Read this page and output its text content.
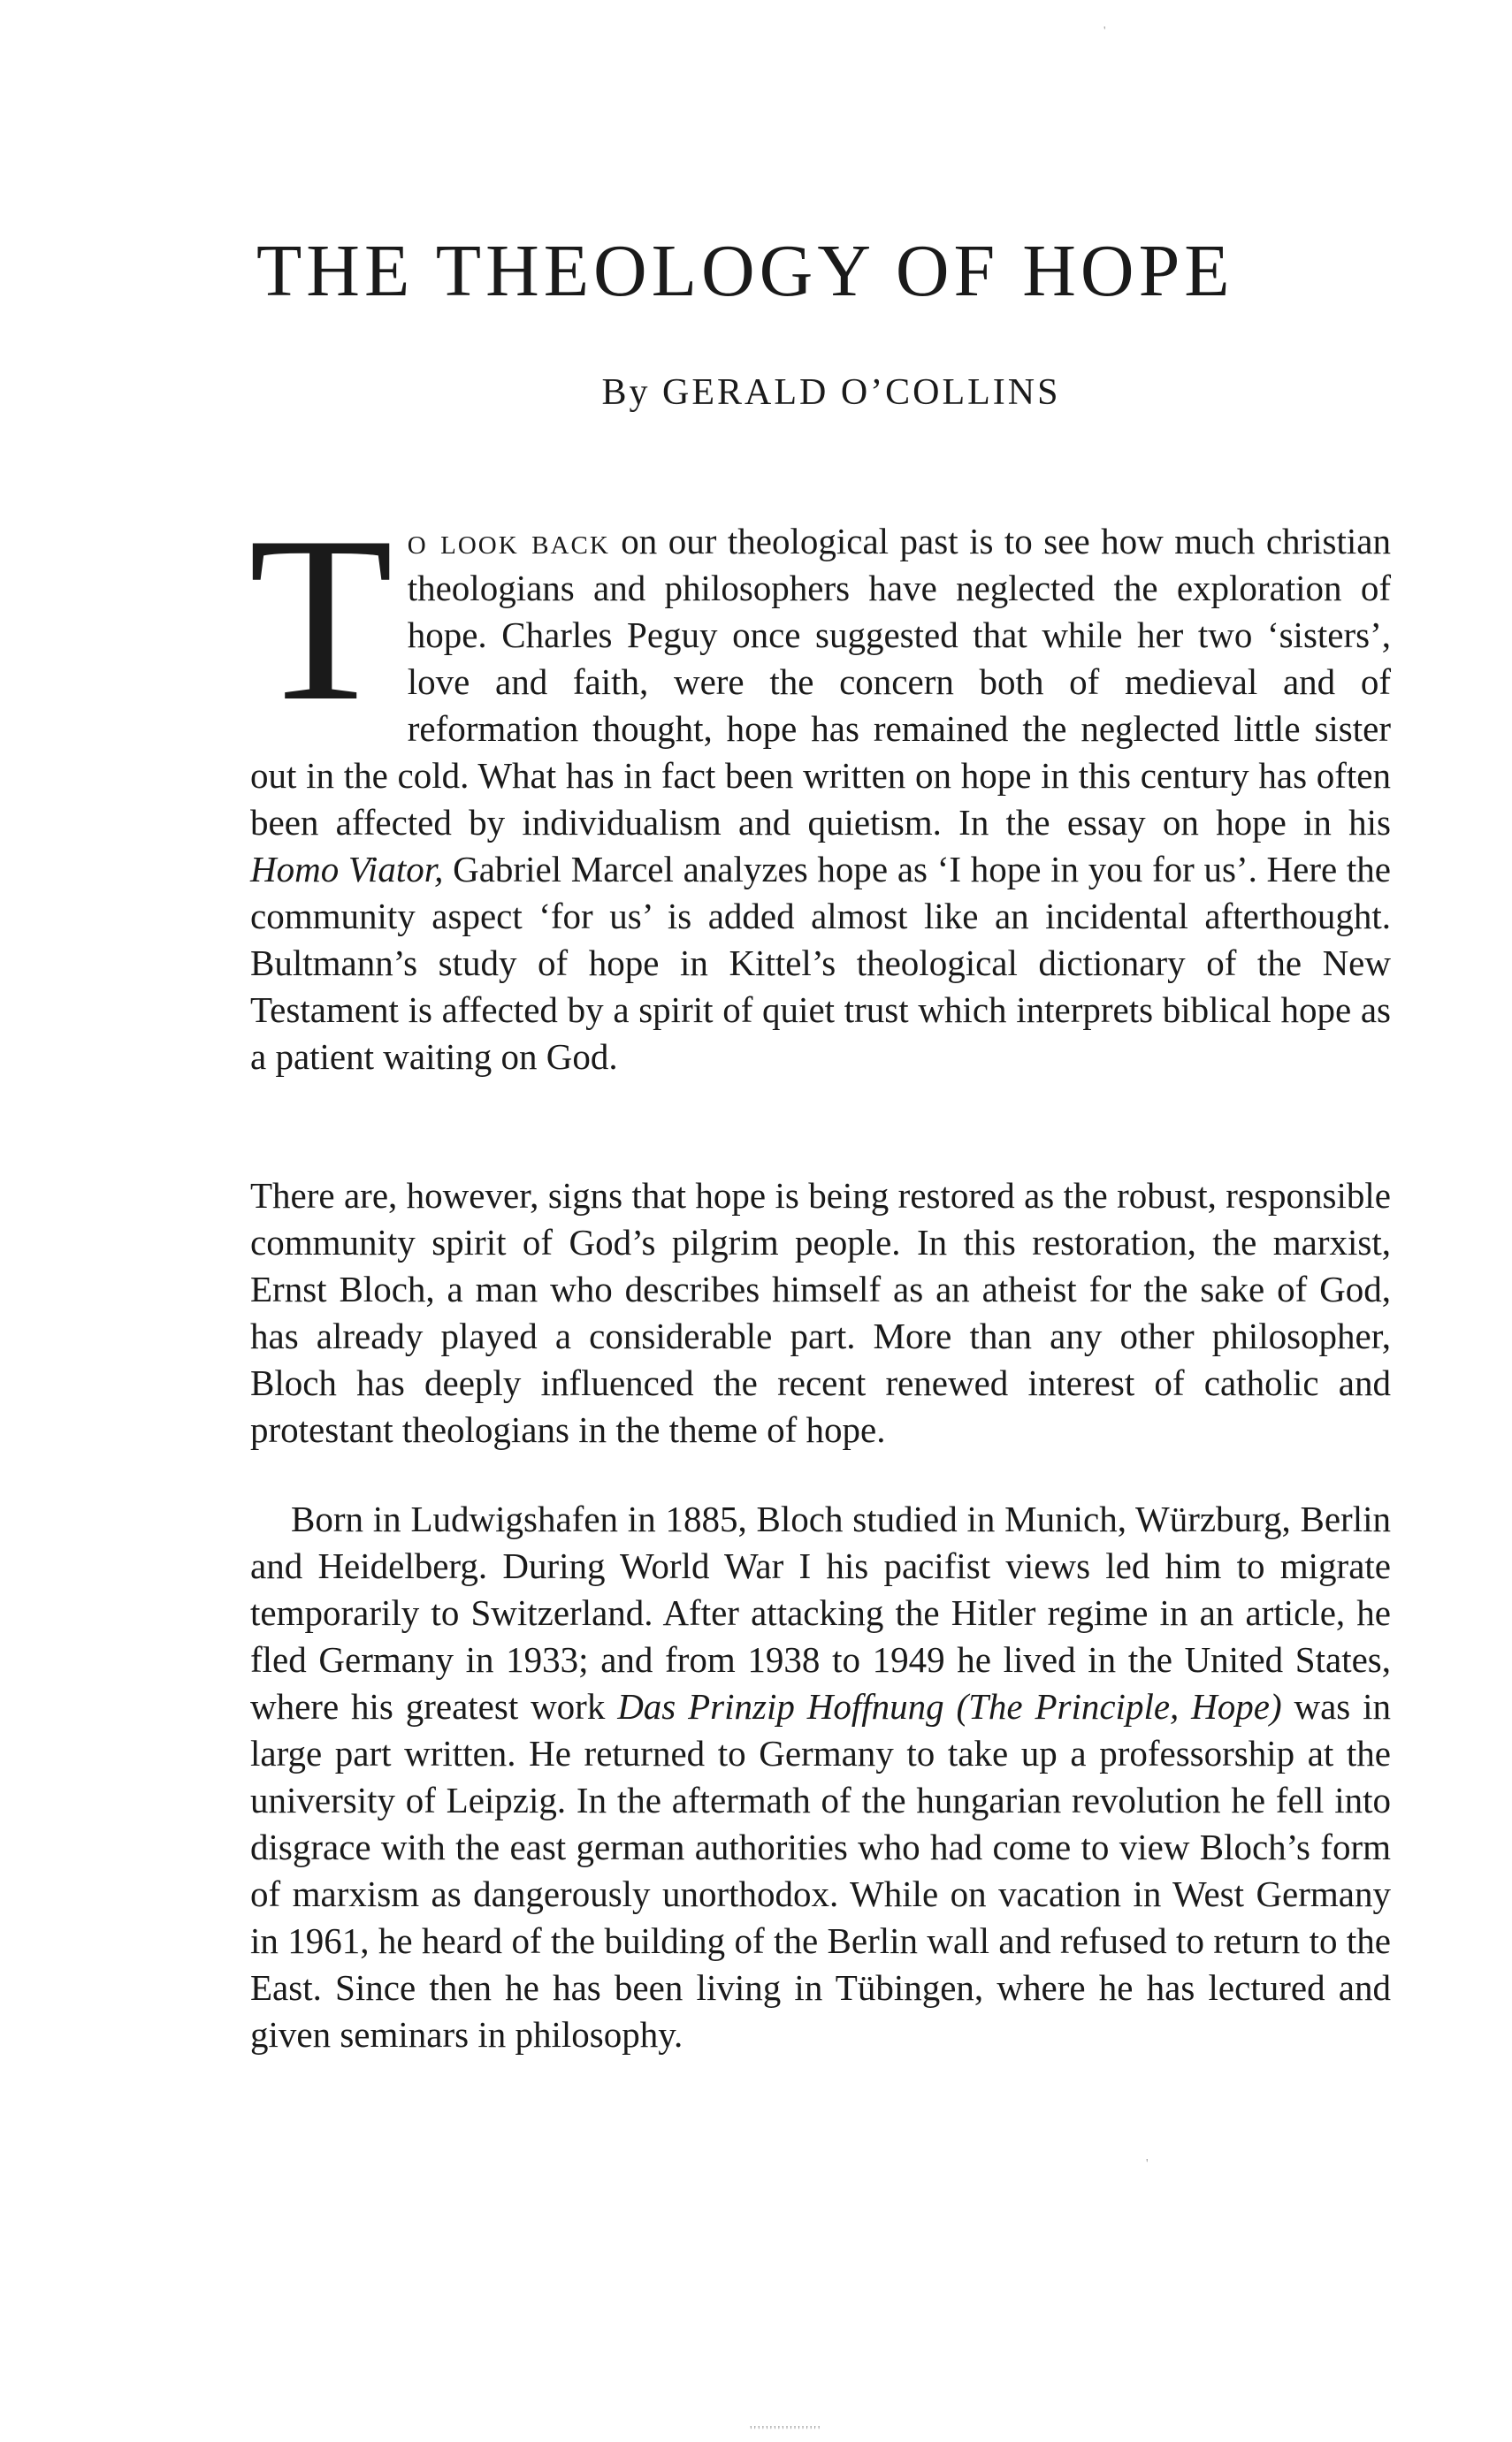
THE THEOLOGY OF HOPE
By GERALD O’COLLINS

T o look back on our theological past is to see how much christian theologians and philosophers have neglected the exploration of hope. Charles Peguy once suggested that while her two ‘sisters’, love and faith, were the concern both of medieval and of reformation thought, hope has remained the neglected little sister out in the cold. What has in fact been written on hope in this century has often been affected by individualism and quietism. In the essay on hope in his Homo Viator, Gabriel Marcel analyzes hope as ‘I hope in you for us’. Here the community aspect ‘for us’ is added almost like an incidental afterthought. Bultmann’s study of hope in Kittel’s theological dictionary of the New Testament is affected by a spirit of quiet trust which interprets biblical hope as a patient waiting on God.

There are, however, signs that hope is being restored as the robust, responsible community spirit of God’s pilgrim people. In this restoration, the marxist, Ernst Bloch, a man who describes himself as an atheist for the sake of God, has already played a considerable part. More than any other philosopher, Bloch has deeply influenced the recent renewed interest of catholic and protestant theologians in the theme of hope.

Born in Ludwigshafen in 1885, Bloch studied in Munich, Würzburg, Berlin and Heidelberg. During World War I his pacifist views led him to migrate temporarily to Switzerland. After attacking the Hitler regime in an article, he fled Germany in 1933; and from 1938 to 1949 he lived in the United States, where his greatest work Das Prinzip Hoffnung (The Principle, Hope) was in large part written. He returned to Germany to take up a professorship at the university of Leipzig. In the aftermath of the hungarian revolution he fell into disgrace with the east german authorities who had come to view Bloch’s form of marxism as dangerously unorthodox. While on vacation in West Germany in 1961, he heard of the building of the Berlin wall and refused to return to the East. Since then he has been living in Tübingen, where he has lectured and given seminars in philosophy.

'
'
''''''''''''''''''
